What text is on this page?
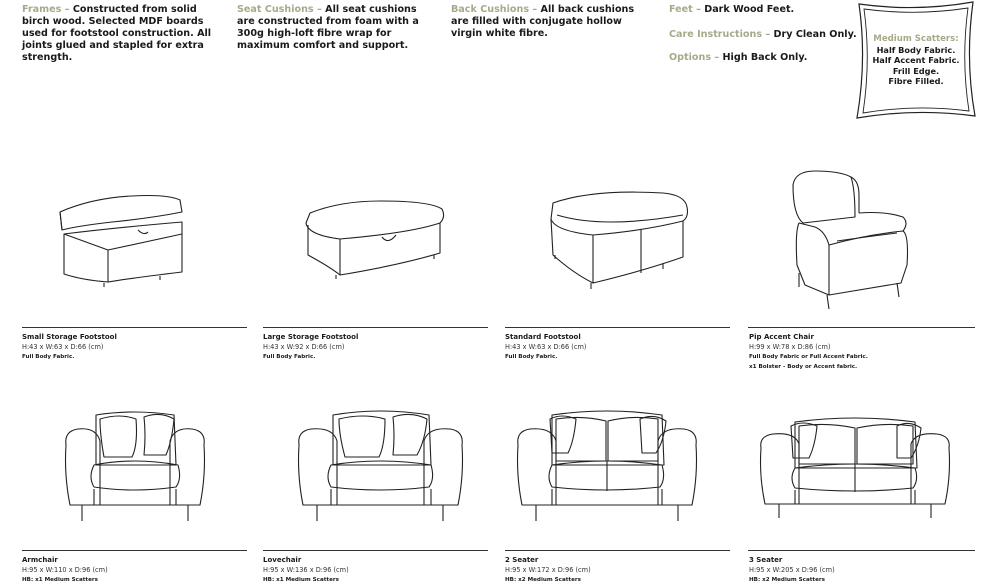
Frames – Constructed from solid birch wood. Selected MDF boards used for footstool construction. All joints glued and stapled for extra strength.
Seat Cushions – All seat cushions are constructed from foam with a 300g high-loft fibre wrap for maximum comfort and support.
Back Cushions – All back cushions are filled with conjugate hollow virgin white fibre.
Feet – Dark Wood Feet.
Care Instructions – Dry Clean Only.
Options – High Back Only.
Medium Scatters:
Half Body Fabric.
Half Accent Fabric.
Frill Edge.
Fibre Filled.
Small Storage Footstool
H:43 x W:63 x D:66 (cm)
Full Body Fabric.
Large Storage Footstool
H:43 x W:92 x D:66 (cm)
Full Body Fabric.
Standard Footstool
H:43 x W:63 x D:66 (cm)
Full Body Fabric.
Pip Accent Chair
H:99 x W:78 x D:86 (cm)
Full Body Fabric or Full Accent Fabric.
x1 Bolster - Body or Accent fabric.
Armchair
H:95 x W:110 x D:96 (cm)
HB: x1 Medium Scatters
Lovechair
H:95 x W:136 x D:96 (cm)
HB: x1 Medium Scatters
2 Seater
H:95 x W:172 x D:96 (cm)
HB: x2 Medium Scatters
3 Seater
H:95 x W:205 x D:96 (cm)
HB: x2 Medium Scatters
